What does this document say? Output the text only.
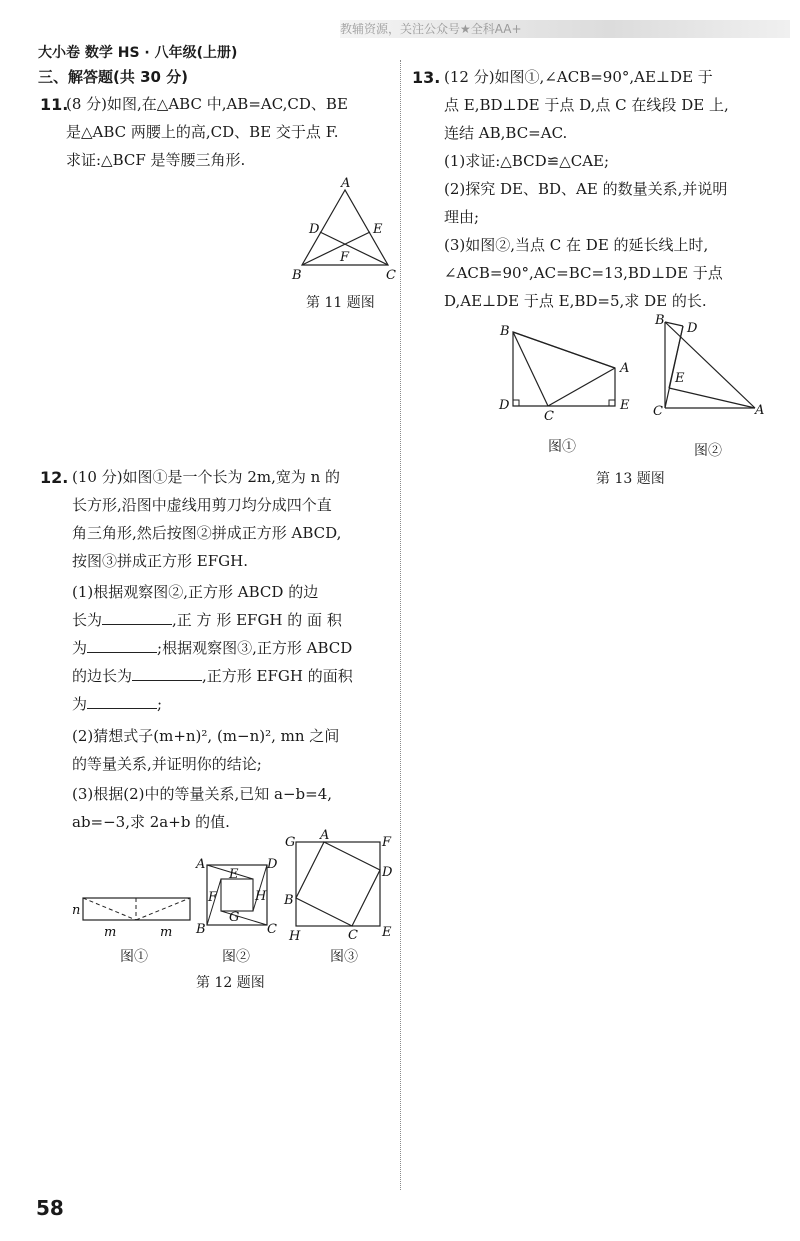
教辅资源，关注公众号★全科AA+
大小卷 数学 HS · 八年级(上册)
三、解答题(共 30 分)
11.
(8 分)如图,在△ABC 中,AB=AC,CD、BE
是△ABC 两腰上的高,CD、BE 交于点 F.
求证:△BCF 是等腰三角形.
A
B	C
D	E
F
第 11 题图
12. (10 分)如图①是一个长为 2m,宽为 n 的
长方形,沿图中虚线用剪刀均分成四个直
角三角形,然后按图②拼成正方形 ABCD,
按图③拼成正方形 EFGH.
(1)根据观察图②,正方形 ABCD 的边
长为	,正 方 形 EFGH 的 面 积
为	;根据观察图③,正方形 ABCD
的边长为	,正方形 EFGH 的面积
为	;
(2)猜想式子(m+n)², (m−n)², mn 之间
的等量关系,并证明你的结论;
(3)根据(2)中的等量关系,已知 a−b=4,
ab=−3,求 2a+b 的值.
n
m	m
图①
A
B	C
D
E
F
G
H
图②
G A	F
D
B
H	C E
图③
第 12 题图
13. (12 分)如图①,∠ACB=90°,AE⊥DE 于
点 E,BD⊥DE 于点 D,点 C 在线段 DE 上,
连结 AB,BC=AC.
(1)求证:△BCD≌△CAE;
(2)探究 DE、BD、AE 的数量关系,并说明
理由;
(3)如图②,当点 C 在 DE 的延长线上时,
∠ACB=90°,AC=BC=13,BD⊥DE 于点
D,AE⊥DE 于点 E,BD=5,求 DE 的长.
B
D
C
E
A
图①
B
D
E
C	A
图②
第 13 题图
58
